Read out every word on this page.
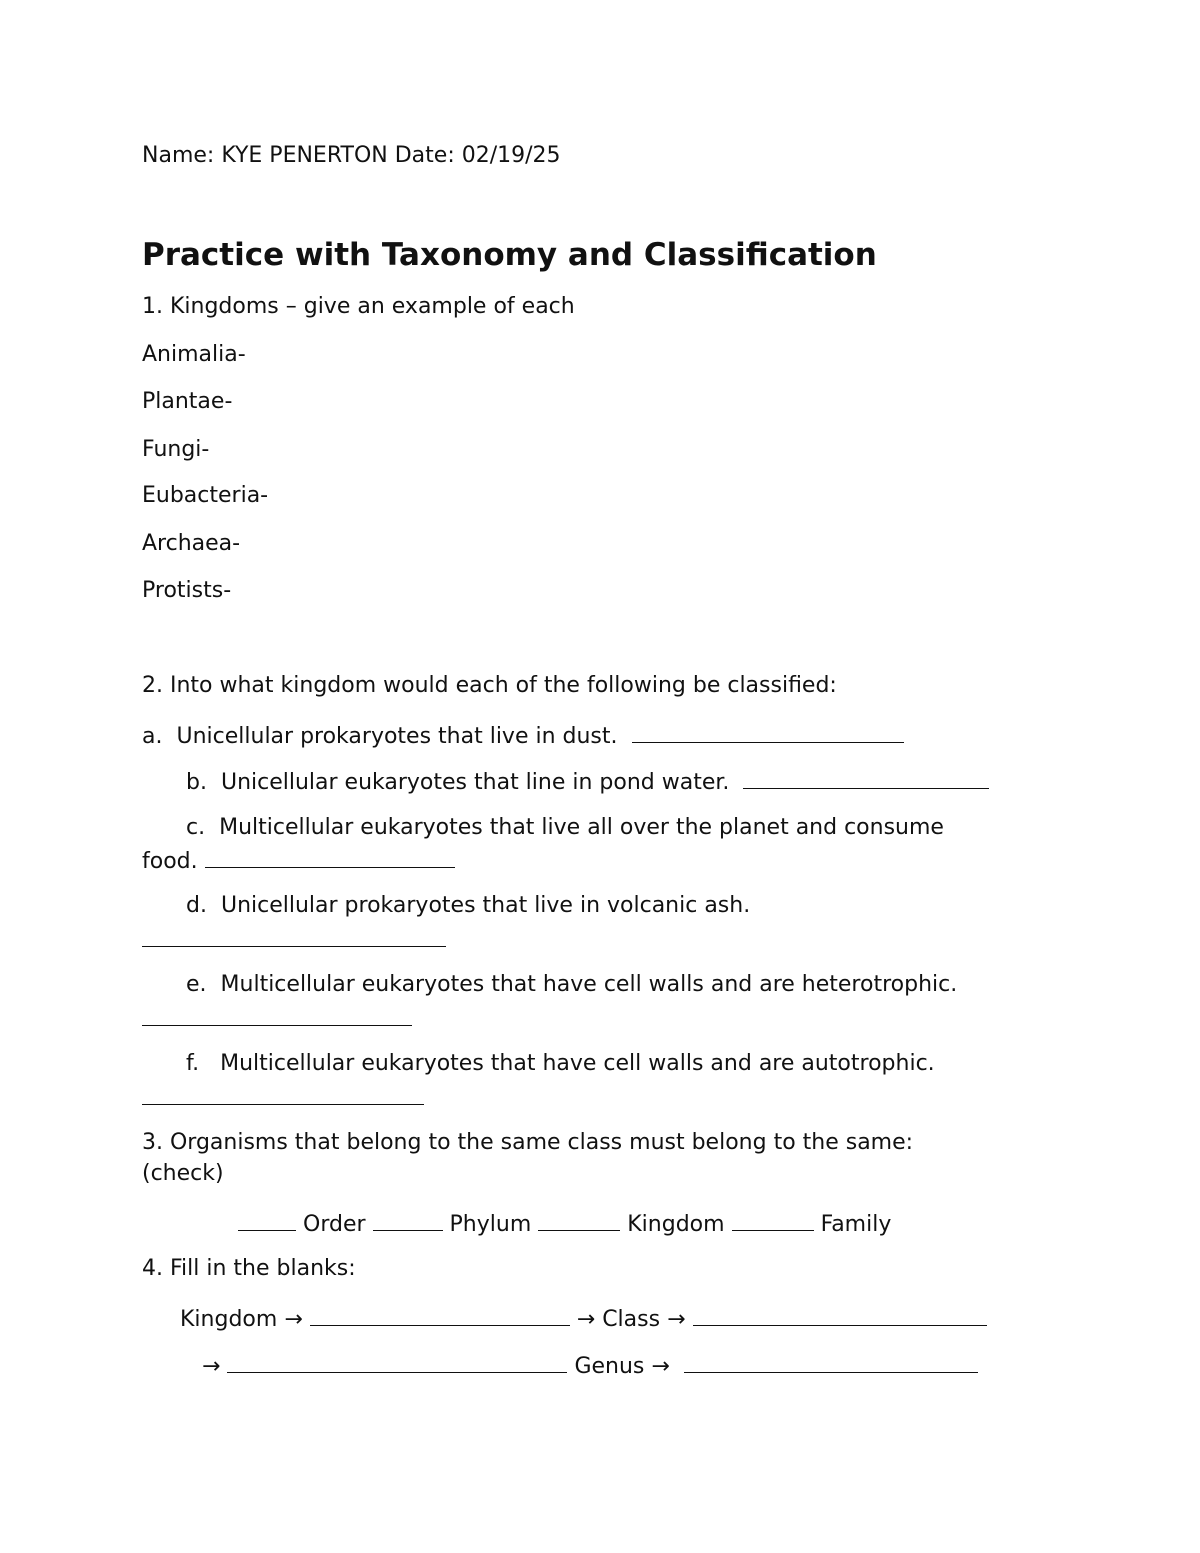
Name: KYE PENERTON Date: 02/19/25
Practice with Taxonomy and Classification
1. Kingdoms – give an example of each
Animalia-
Plantae-
Fungi-
Eubacteria-
Archaea-
Protists-
2. Into what kingdom would each of the following be classified:
a. Unicellular prokaryotes that live in dust.
b. Unicellular eukaryotes that line in pond water.
c. Multicellular eukaryotes that live all over the planet and consume
food.
d. Unicellular prokaryotes that live in volcanic ash.
e. Multicellular eukaryotes that have cell walls and are heterotrophic.
f. Multicellular eukaryotes that have cell walls and are autotrophic.
3. Organisms that belong to the same class must belong to the same:
(check)
Order	Phylum	Kingdom	Family
4. Fill in the blanks:
Kingdom →	→ Class →
→	Genus →
